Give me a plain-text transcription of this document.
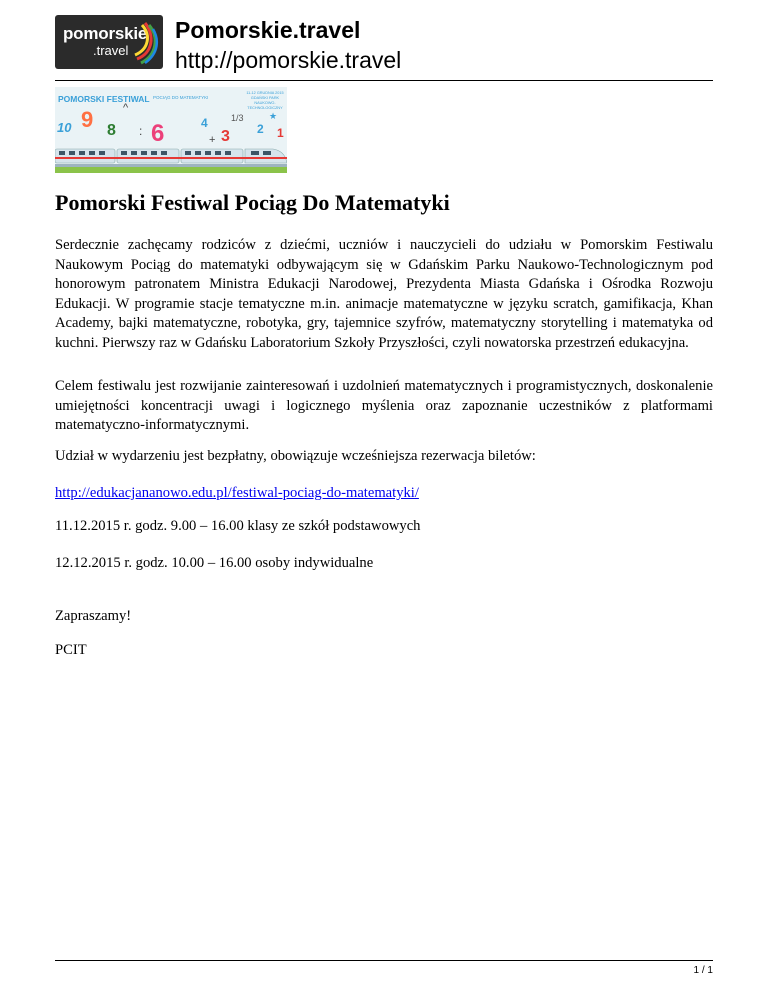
pomorskie
.travel
Pomorskie.travel
http://pomorskie.travel
10 9 8 6	4
3 2 1
1/3
:
+
^
★
POMORSKI FESTIWAL POCIĄG DO MATEMATYKI
11-12 GRUDNIA 2015 GDAŃSKI PARK NAUKOWO-TECHNOLOGICZNY
Pomorski Festiwal Pociąg Do Matematyki

Serdecznie zachęcamy rodziców z dziećmi, uczniów i nauczycieli do udziału w Pomorskim Festiwalu Naukowym Pociąg do matematyki odbywającym się w Gdańskim Parku Naukowo-Technologicznym pod honorowym patronatem Ministra Edukacji Narodowej, Prezydenta Miasta Gdańska i Ośrodka Rozwoju Edukacji. W programie stacje tematyczne m.in. animacje matematyczne w języku scratch, gamifikacja, Khan Academy, bajki matematyczne, robotyka, gry, tajemnice szyfrów, matematyczny storytelling i matematyka od kuchni. Pierwszy raz w Gdańsku Laboratorium Szkoły Przyszłości, czyli nowatorska przestrzeń edukacyjna.

Celem festiwalu jest rozwijanie zainteresowań i uzdolnień matematycznych i programistycznych, doskonalenie umiejętności koncentracji uwagi i logicznego myślenia oraz zapoznanie uczestników z platformami matematyczno-informatycznymi.

Udział w wydarzeniu jest bezpłatny, obowiązuje wcześniejsza rezerwacja biletów:

http://edukacjananowo.edu.pl/festiwal-pociag-do-matematyki/

11.12.2015 r. godz. 9.00 – 16.00 klasy ze szkół podstawowych

12.12.2015 r. godz. 10.00 – 16.00 osoby indywidualne

Zapraszamy!

PCIT

1 / 1
